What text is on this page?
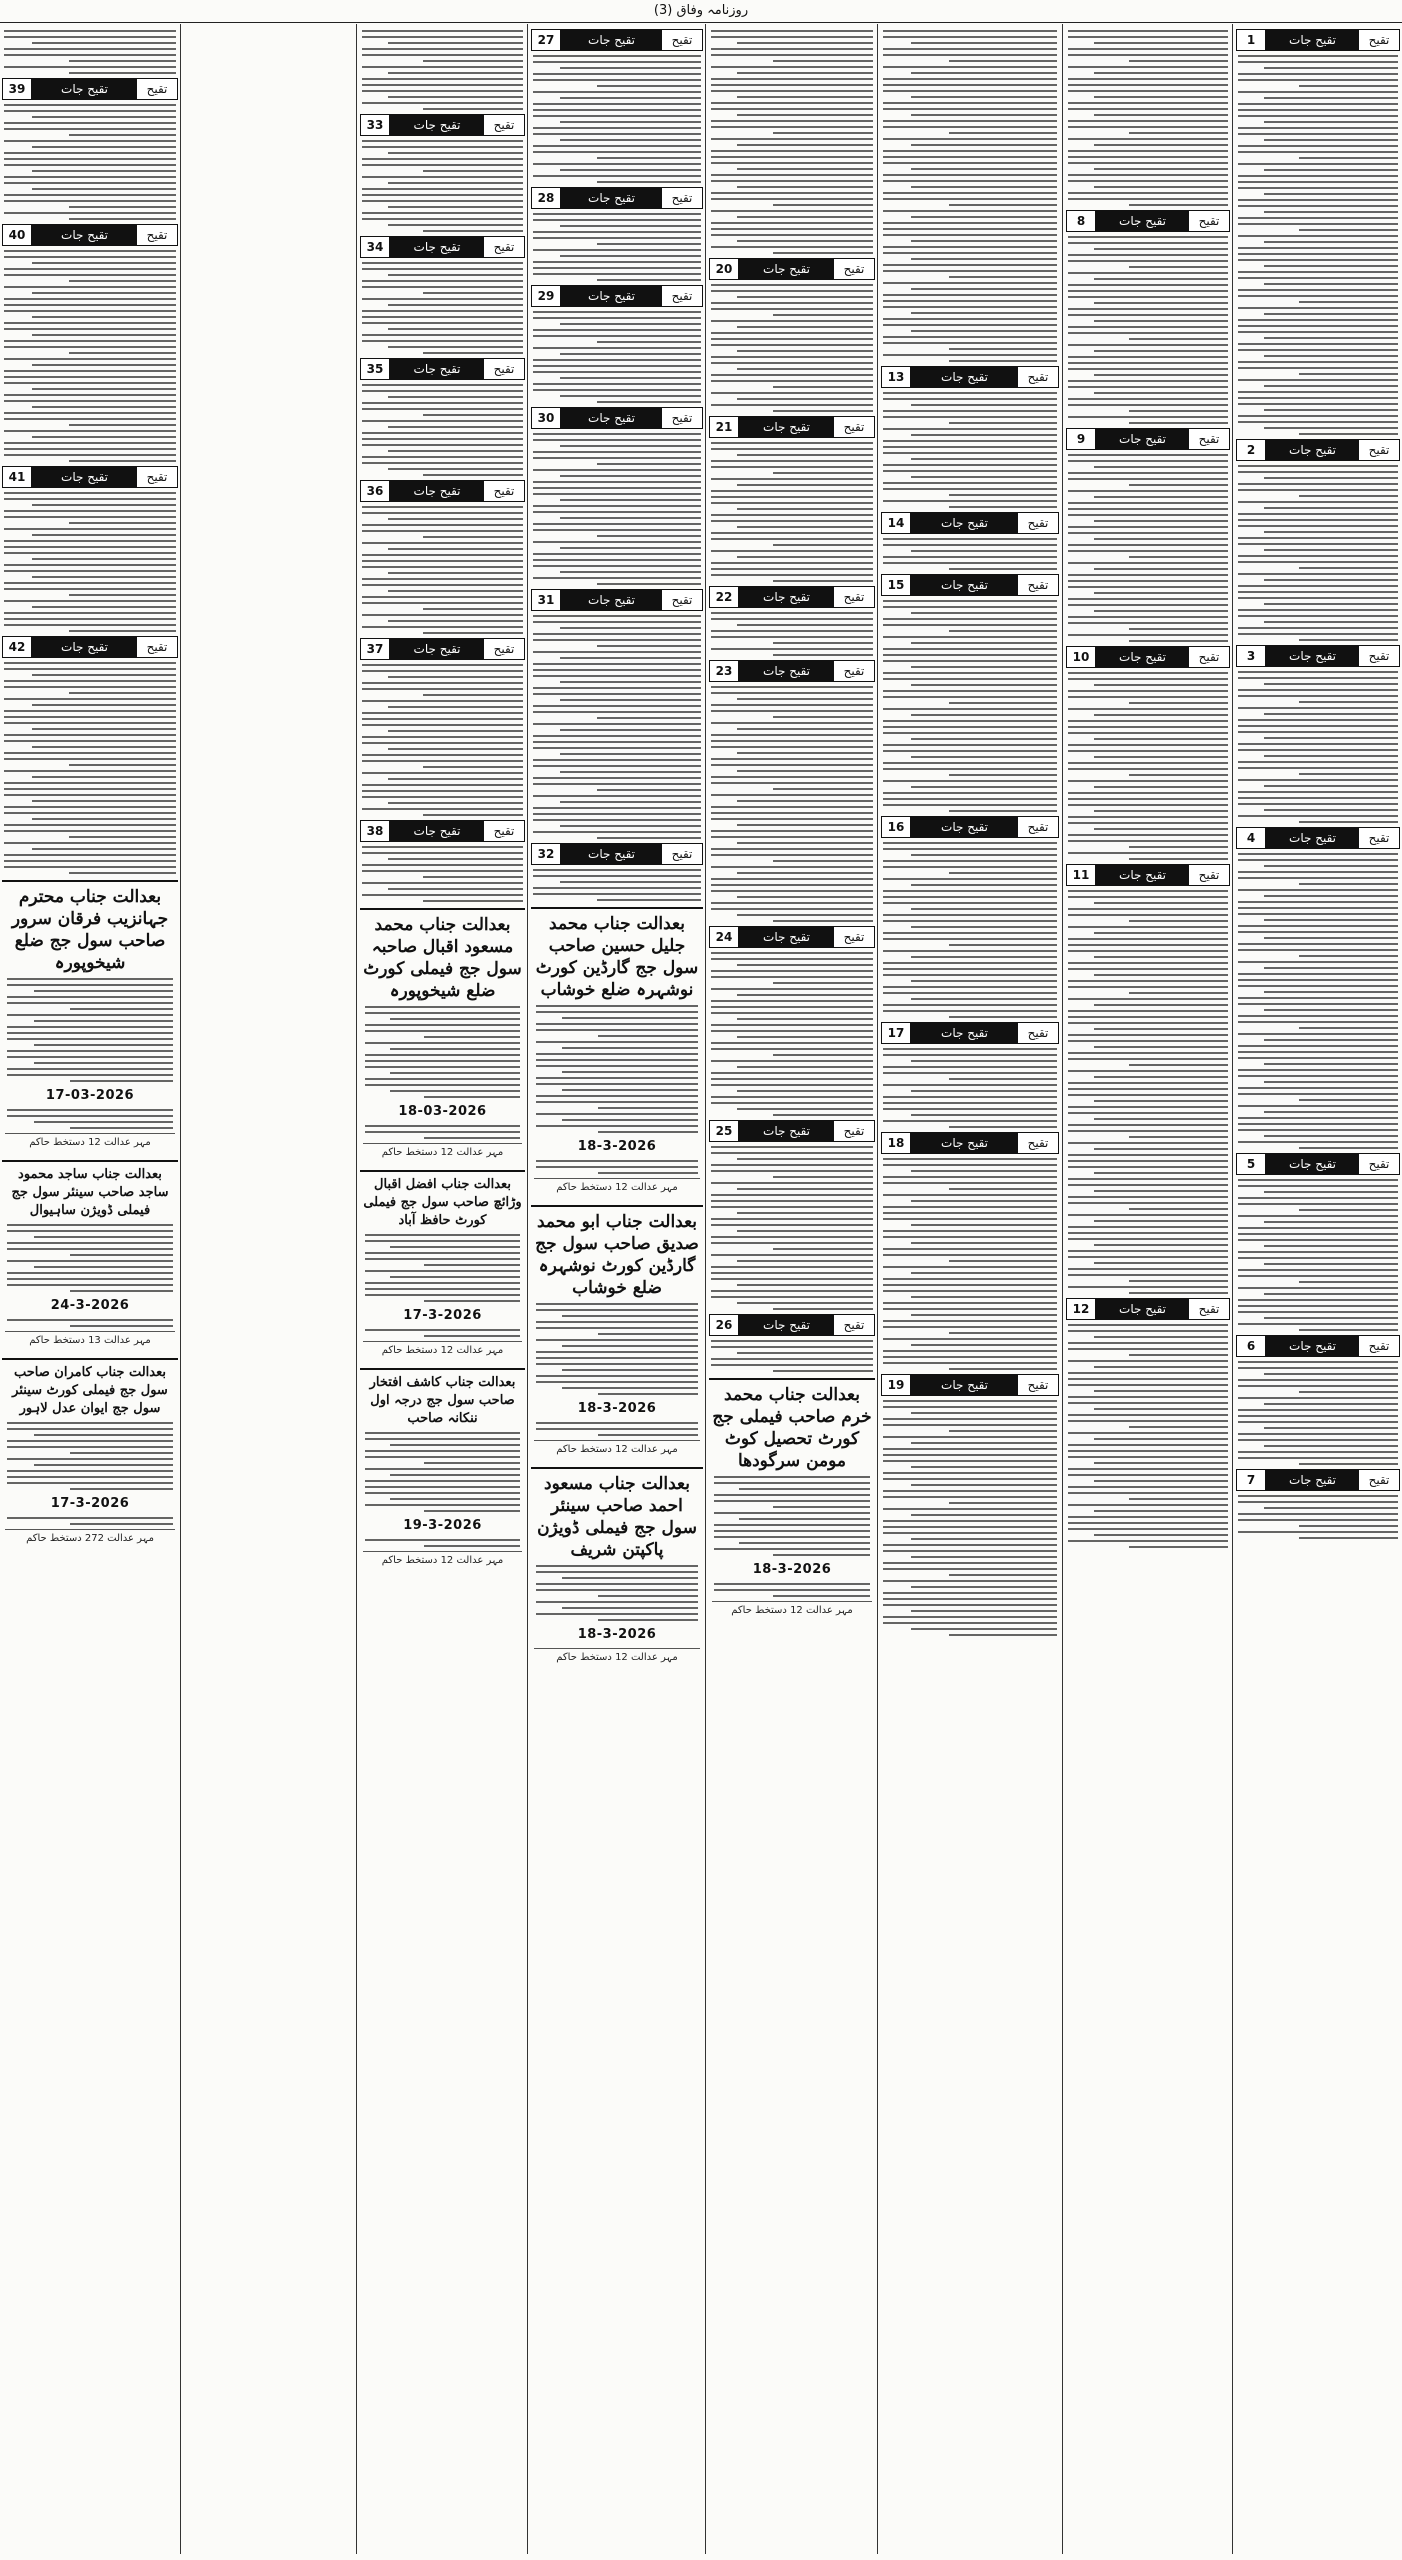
روزنامہ وفاق (3)
1	تقیح جات	تقیح
2	تقیح جات	تقیح
3	تقیح جات	تقیح
4	تقیح جات	تقیح
5	تقیح جات	تقیح
6	تقیح جات	تقیح
7	تقیح جات	تقیح
8	تقیح جات	تقیح
9	تقیح جات	تقیح
10	تقیح جات	تقیح
11	تقیح جات	تقیح
12	تقیح جات	تقیح
13	تقیح جات	تقیح
14	تقیح جات	تقیح
15	تقیح جات	تقیح
16	تقیح جات	تقیح
17	تقیح جات	تقیح
18	تقیح جات	تقیح
19	تقیح جات	تقیح
20	تقیح جات	تقیح
21	تقیح جات	تقیح
22	تقیح جات	تقیح
23	تقیح جات	تقیح
24	تقیح جات	تقیح
25	تقیح جات	تقیح
26	تقیح جات	تقیح
بعدالت جناب محمد خرم صاحب فیملی جج کورٹ تحصیل کوٹ مومن سرگودھا
18-3-2026
مہر عدالت 12 دستخط حاکم
27	تقیح جات	تقیح
28	تقیح جات	تقیح
29	تقیح جات	تقیح
30	تقیح جات	تقیح
31	تقیح جات	تقیح
32	تقیح جات	تقیح
بعدالت جناب محمد جلیل حسین صاحب سول جج گارڈین کورٹ نوشہرہ ضلع خوشاب
18-3-2026
مہر عدالت 12 دستخط حاکم
بعدالت جناب ابو محمد صدیق صاحب سول جج گارڈین کورٹ نوشہرہ ضلع خوشاب
18-3-2026
مہر عدالت 12 دستخط حاکم
بعدالت جناب مسعود احمد صاحب سینئر سول جج فیملی ڈویژن پاکپتن شریف
18-3-2026
مہر عدالت 12 دستخط حاکم
33	تقیح جات	تقیح
34	تقیح جات	تقیح
35	تقیح جات	تقیح
36	تقیح جات	تقیح
37	تقیح جات	تقیح
38	تقیح جات	تقیح
بعدالت جناب محمد مسعود اقبال صاحبہ سول جج فیملی کورٹ ضلع شیخوپورہ
18-03-2026
مہر عدالت 12 دستخط حاکم
بعدالت جناب افضل اقبال وڑائچ صاحب سول جج فیملی کورٹ حافظ آباد
17-3-2026
مہر عدالت 12 دستخط حاکم
بعدالت جناب کاشف افتخار صاحب سول جج درجہ اول ننکانہ صاحب
19-3-2026
مہر عدالت 12 دستخط حاکم
39	تقیح جات	تقیح
40	تقیح جات	تقیح
41	تقیح جات	تقیح
42	تقیح جات	تقیح
بعدالت جناب محترم جہانزیب فرقان سرور صاحب سول جج ضلع شیخوپورہ
17-03-2026
مہر عدالت 12 دستخط حاکم
بعدالت جناب ساجد محمود ساجد صاحب سینئر سول جج فیملی ڈویژن ساہیوال
24-3-2026
مہر عدالت 13 دستخط حاکم
بعدالت جناب کامران صاحب سول جج فیملی کورٹ سینئر سول جج ایوان عدل لاہور
17-3-2026
مہر عدالت 272 دستخط حاکم
